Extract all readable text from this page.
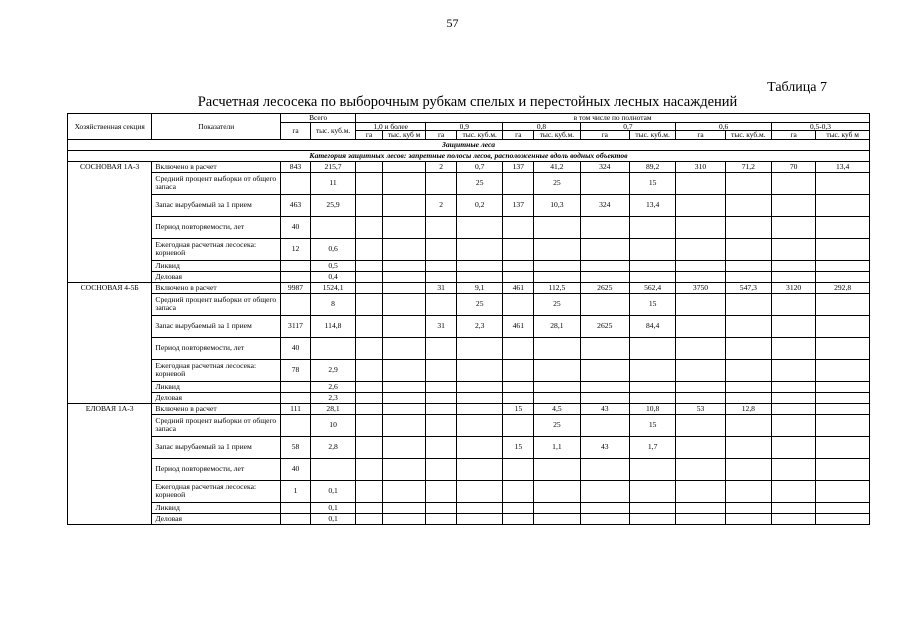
57
Таблица 7
Расчетная лесосека по выборочным рубкам спелых и перестойных лесных насаждений
Хозяйственная секция	Показатели	Всего		в том числе по полнотам											
		га	тыс. куб.м.	1,0 и более		0,9		0,8		0,7		0,6		0,5-0,3	
				га	тыс. куб м	га	тыс. куб.м.	га	тыс. куб.м.	га	тыс. куб.м.	га	тыс. куб.м.	га	тыс. куб м
Защитные леса															
Категория защитных лесов: запретные полосы лесов, расположенные вдоль водных объектов															
СОСНОВАЯ 1А-3	Включено в расчет	843	215,7			2	0,7	137	41,2	324	89,2	310	71,2	70	13,4
	Средний процент выборки от общего запаса		11				25		25		15				
	Запас вырубаемый за 1 прием	463	25,9			2	0,2	137	10,3	324	13,4				
	Период повторяемости, лет	40													
	Ежегодная расчетная лесосека: корневой	12	0,6												
	Ликвид		0,5												
	Деловая		0,4												
СОСНОВАЯ 4-5Б	Включено в расчет	9987	1524,1			31	9,1	461	112,5	2625	562,4	3750	547,3	3120	292,8
	Средний процент выборки от общего запаса		8				25		25		15				
	Запас вырубаемый за 1 прием	3117	114,8			31	2,3	461	28,1	2625	84,4				
	Период повторяемости, лет	40													
	Ежегодная расчетная лесосека: корневой	78	2,9												
	Ликвид		2,6												
	Деловая		2,3												
ЕЛОВАЯ 1А-3	Включено в расчет	111	28,1					15	4,5	43	10,8	53	12,8		
	Средний процент выборки от общего запаса		10						25		15				
	Запас вырубаемый за 1 прием	58	2,8					15	1,1	43	1,7				
	Период повторяемости, лет	40													
	Ежегодная расчетная лесосека: корневой	1	0,1												
	Ликвид		0,1												
	Деловая		0,1												
